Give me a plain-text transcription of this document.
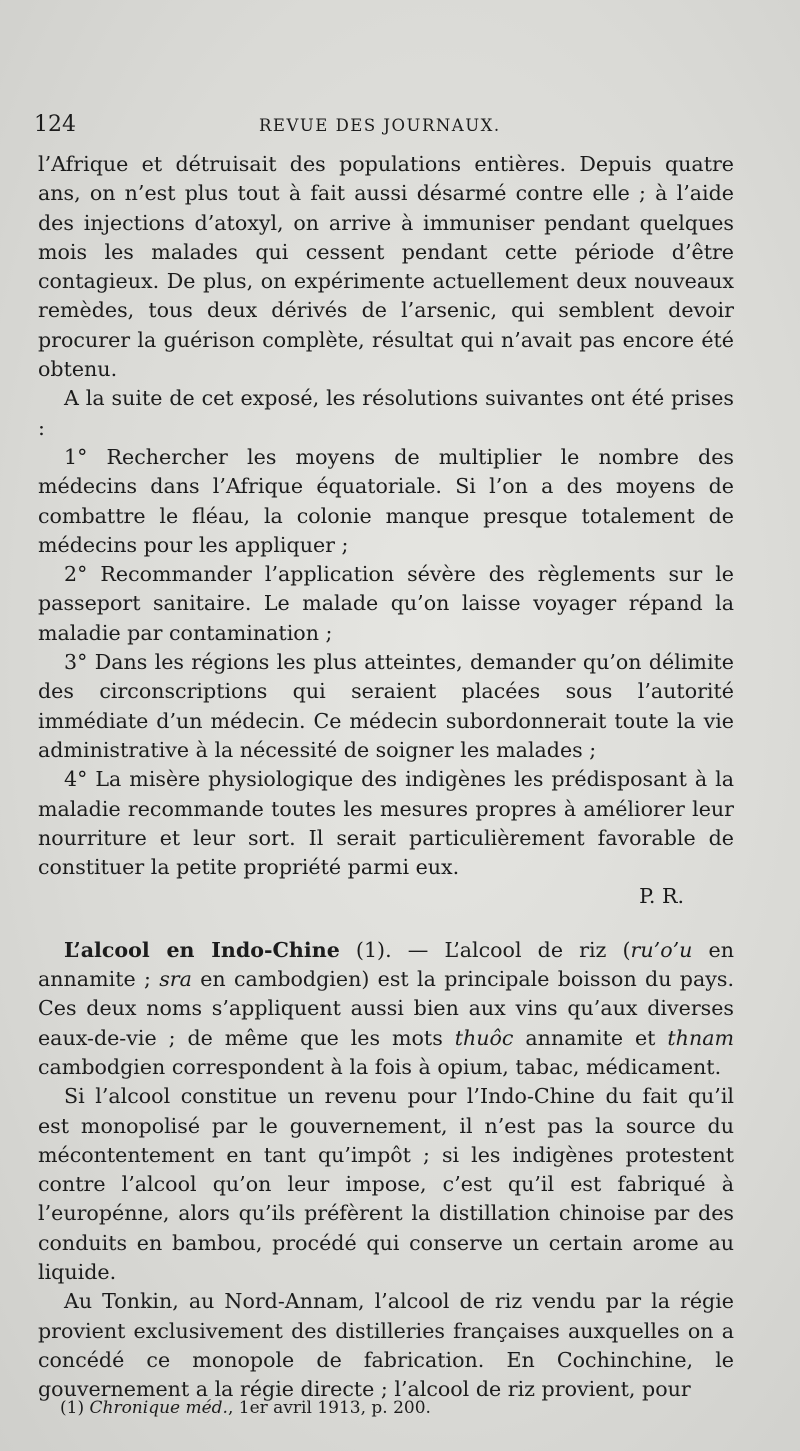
124	REVUE DES JOURNAUX.

l’Afrique et détruisait des populations entières. Depuis quatre ans, on n’est plus tout à fait aussi désarmé contre elle ; à l’aide des injections d’atoxyl, on arrive à immuniser pendant quelques mois les malades qui cessent pendant cette période d’être contagieux. De plus, on expérimente actuellement deux nouveaux remèdes, tous deux dérivés de l’arsenic, qui semblent devoir procurer la guérison complète, résultat qui n’avait pas encore été obtenu.

A la suite de cet exposé, les résolutions suivantes ont été prises :

1° Rechercher les moyens de multiplier le nombre des médecins dans l’Afrique équatoriale. Si l’on a des moyens de combattre le fléau, la colonie manque presque totalement de médecins pour les appliquer ;

2° Recommander l’application sévère des règlements sur le passeport sanitaire. Le malade qu’on laisse voyager répand la maladie par contamination ;

3° Dans les régions les plus atteintes, demander qu’on délimite des circonscriptions qui seraient placées sous l’autorité immédiate d’un médecin. Ce médecin subordonnerait toute la vie administrative à la nécessité de soigner les malades ;

4° La misère physiologique des indigènes les prédisposant à la maladie recommande toutes les mesures propres à améliorer leur nourriture et leur sort. Il serait particulièrement favorable de constituer la petite propriété parmi eux.

P. R.

L’alcool en Indo-Chine (1). — L’alcool de riz (ru’o’u en annamite ; sra en cambodgien) est la principale boisson du pays. Ces deux noms s’appliquent aussi bien aux vins qu’aux diverses eaux-de-vie ; de même que les mots thuôc annamite et thnam cambodgien correspondent à la fois à opium, tabac, médicament.

Si l’alcool constitue un revenu pour l’Indo-Chine du fait qu’il est monopolisé par le gouvernement, il n’est pas la source du mécontentement en tant qu’impôt ; si les indigènes protestent contre l’alcool qu’on leur impose, c’est qu’il est fabriqué à l’europénne, alors qu’ils préfèrent la distillation chinoise par des conduits en bambou, procédé qui conserve un certain arome au liquide.

Au Tonkin, au Nord-Annam, l’alcool de riz vendu par la régie provient exclusivement des distilleries françaises auxquelles on a concédé ce monopole de fabrication. En Cochinchine, le gouvernement a la régie directe ; l’alcool de riz provient, pour

(1) Chronique méd., 1er avril 1913, p. 200.
